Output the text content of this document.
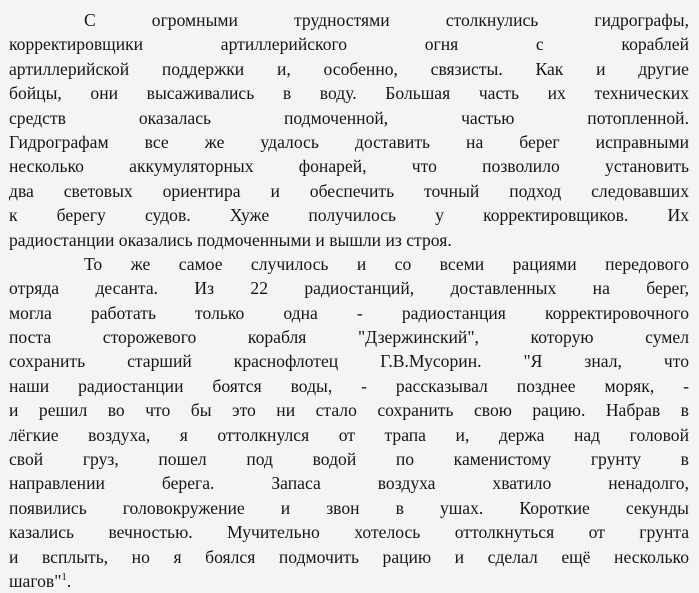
С огромными трудностями столкнулись гидрографы,
корректировщики артиллерийского огня с кораблей
артиллерийской поддержки и, особенно, связисты. Как и другие
бойцы, они высаживались в воду. Большая часть их технических
средств оказалась подмоченной, частью потопленной.
Гидрографам все же удалось доставить на берег исправными
несколько аккумуляторных фонарей, что позволило установить
два световых ориентира и обеспечить точный подход следовавших
к берегу судов. Хуже получилось у корректировщиков. Их
радиостанции оказались подмоченными и вышли из строя.
То же самое случилось и со всеми рациями передового
отряда десанта. Из 22 радиостанций, доставленных на берег,
могла работать только одна - радиостанция корректировочного
поста сторожевого корабля "Дзержинский", которую сумел
сохранить старший краснофлотец Г.В.Мусорин. "Я знал, что
наши радиостанции боятся воды, - рассказывал позднее моряк, -
и решил во что бы это ни стало сохранить свою рацию. Набрав в
лёгкие воздуха, я оттолкнулся от трапа и, держа над головой
свой груз, пошел под водой по каменистому грунту в
направлении берега. Запаса воздуха хватило ненадолго,
появились головокружение и звон в ушах. Короткие секунды
казались вечностью. Мучительно хотелось оттолкнуться от грунта
и всплыть, но я боялся подмочить рацию и сделал ещё несколько
шагов"$^1$.
